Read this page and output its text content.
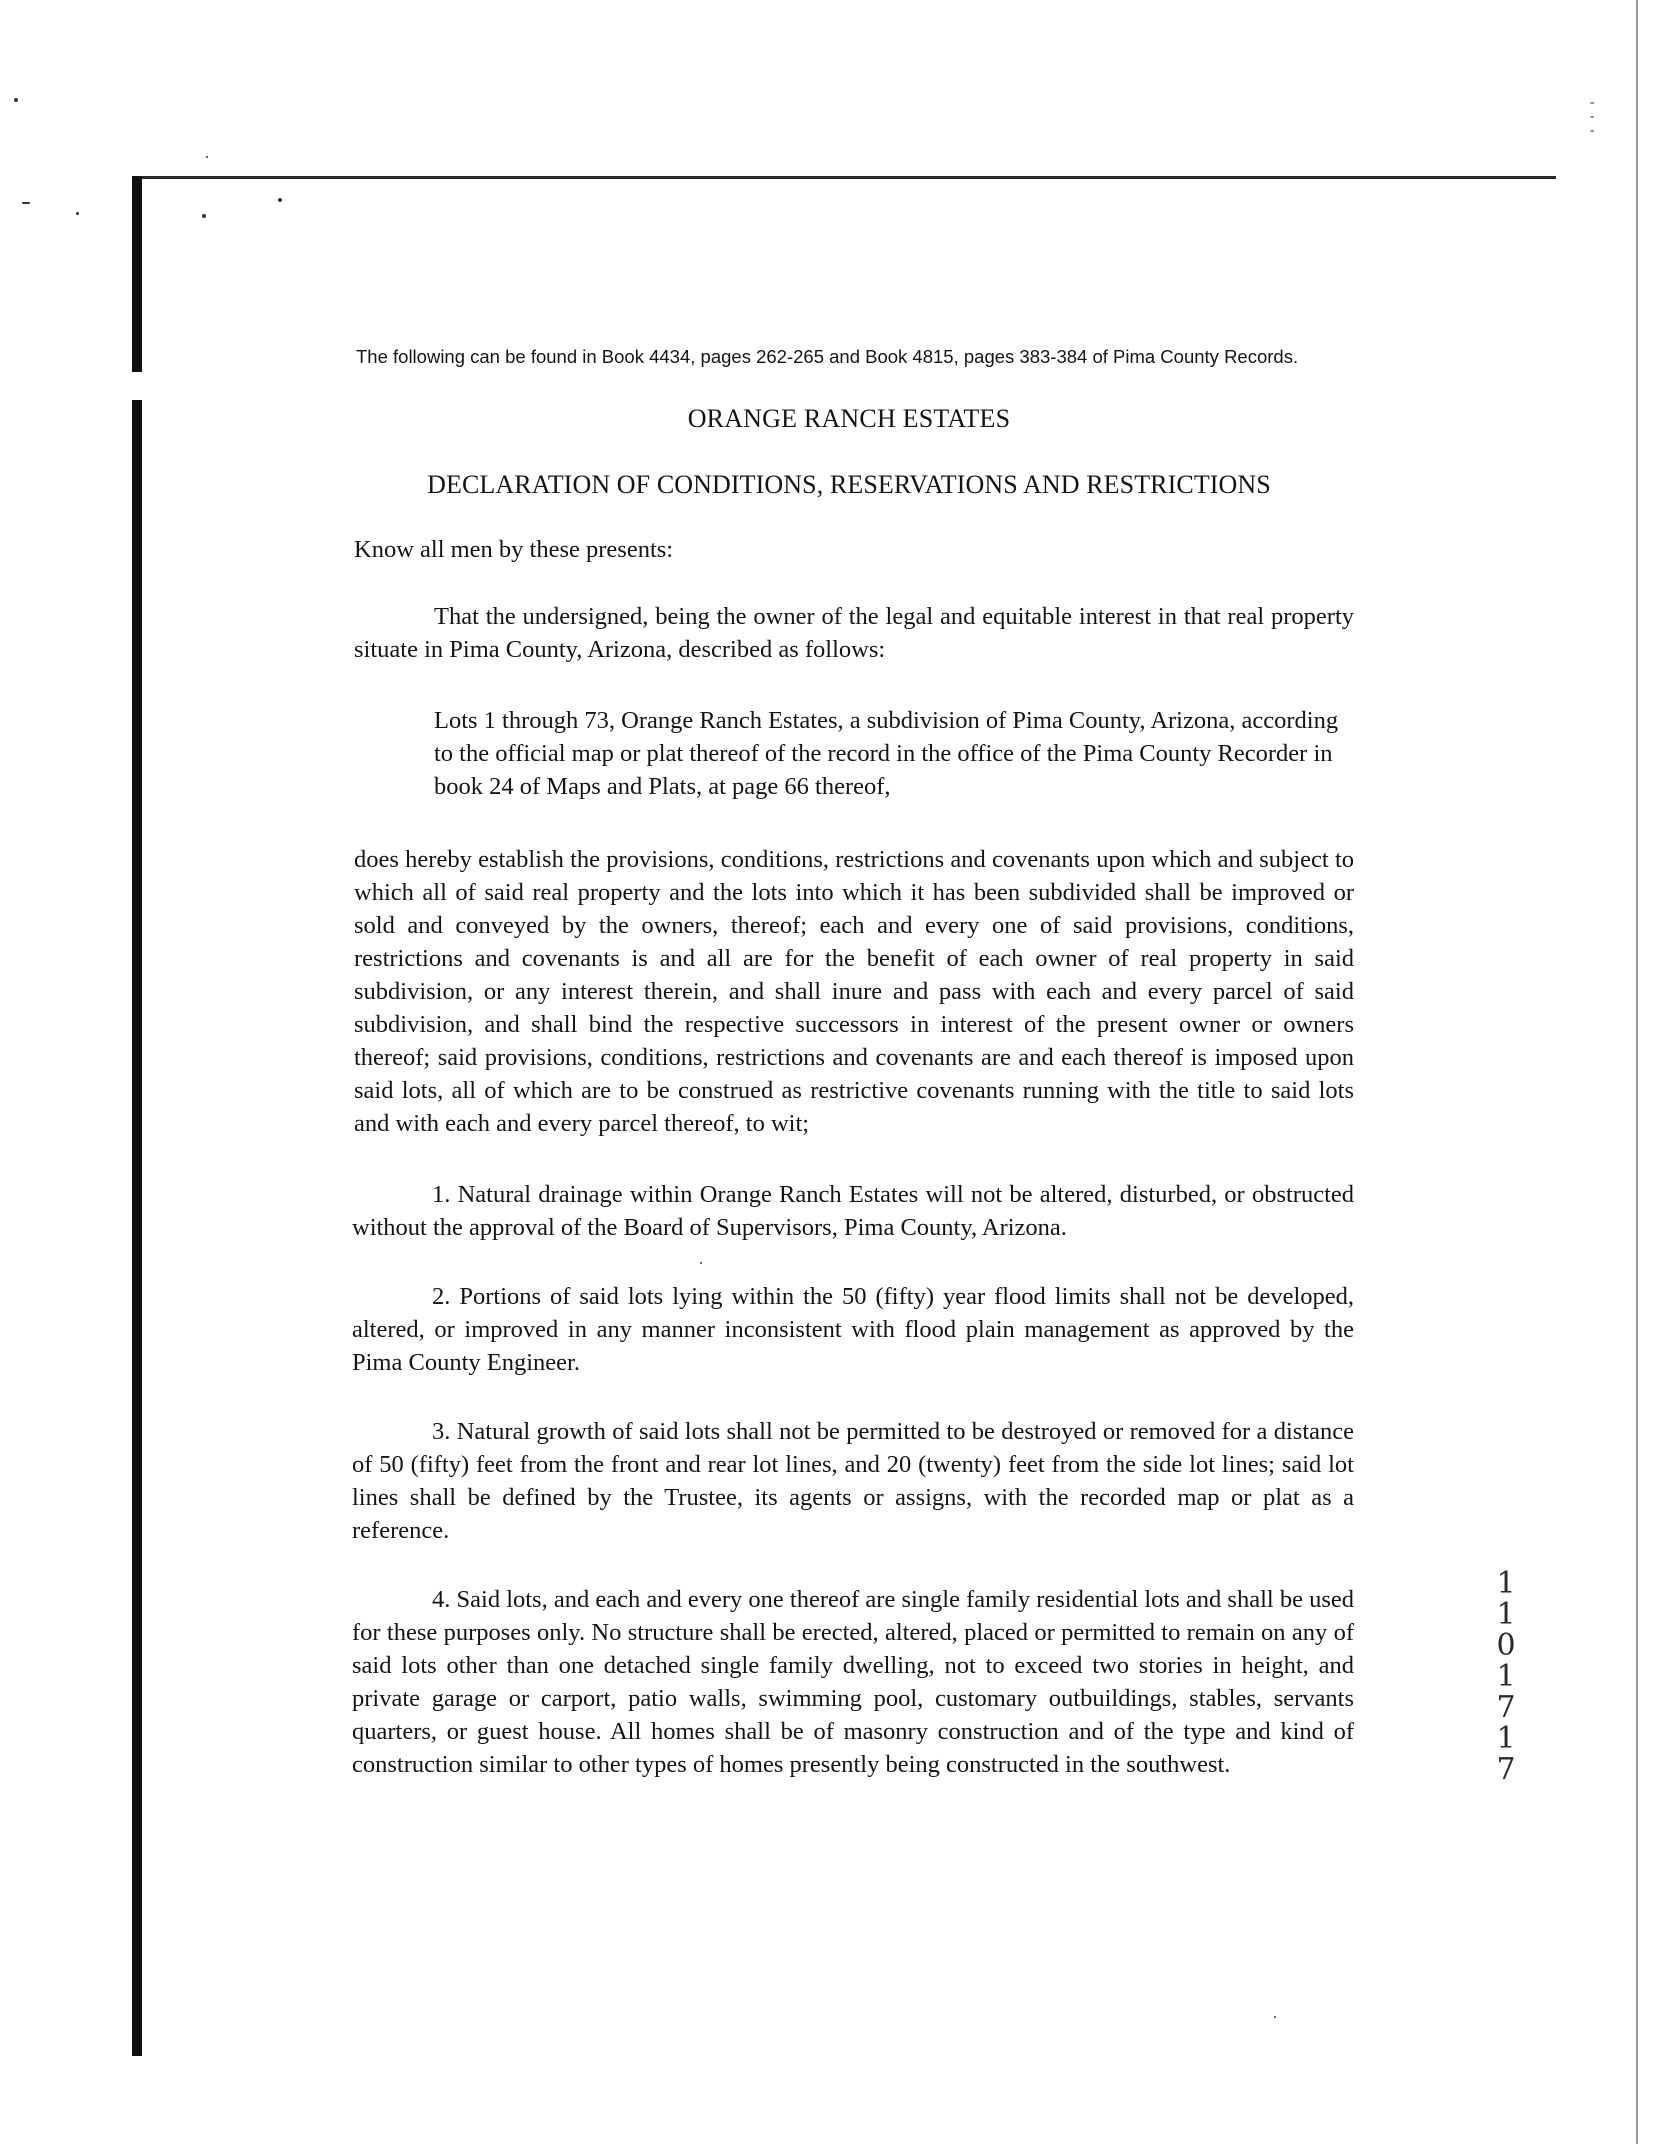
-
-
-
1 1 0 1 7 1 7
The following can be found in Book 4434, pages 262-265 and Book 4815, pages 383-384 of Pima County Records.
ORANGE RANCH ESTATES
DECLARATION OF CONDITIONS, RESERVATIONS AND RESTRICTIONS
Know all men by these presents:

That the undersigned, being the owner of the legal and equitable interest in that real property situate in Pima County, Arizona, described as follows:

Lots 1 through 73, Orange Ranch Estates, a subdivision of Pima County, Arizona, according to the official map or plat thereof of the record in the office of the Pima County Recorder in book 24 of Maps and Plats, at page 66 thereof,

does hereby establish the provisions, conditions, restrictions and covenants upon which and subject to which all of said real property and the lots into which it has been subdivided shall be improved or sold and conveyed by the owners, thereof; each and every one of said provisions, conditions, restrictions and covenants is and all are for the benefit of each owner of real property in said subdivision, or any interest therein, and shall inure and pass with each and every parcel of said subdivision, and shall bind the respective successors in interest of the present owner or owners thereof; said provisions, conditions, restrictions and covenants are and each thereof is imposed upon said lots, all of which are to be construed as restrictive covenants running with the title to said lots and with each and every parcel thereof, to wit;

1. Natural drainage within Orange Ranch Estates will not be altered, disturbed, or obstructed without the approval of the Board of Supervisors, Pima County, Arizona.

2. Portions of said lots lying within the 50 (fifty) year flood limits shall not be developed, altered, or improved in any manner inconsistent with flood plain management as approved by the Pima County Engineer.

3. Natural growth of said lots shall not be permitted to be destroyed or removed for a distance of 50 (fifty) feet from the front and rear lot lines, and 20 (twenty) feet from the side lot lines; said lot lines shall be defined by the Trustee, its agents or assigns, with the recorded map or plat as a reference.

4. Said lots, and each and every one thereof are single family residential lots and shall be used for these purposes only. No structure shall be erected, altered, placed or permitted to remain on any of said lots other than one detached single family dwelling, not to exceed two stories in height, and private garage or carport, patio walls, swimming pool, customary outbuildings, stables, servants quarters, or guest house. All homes shall be of masonry construction and of the type and kind of construction similar to other types of homes presently being constructed in the southwest.
